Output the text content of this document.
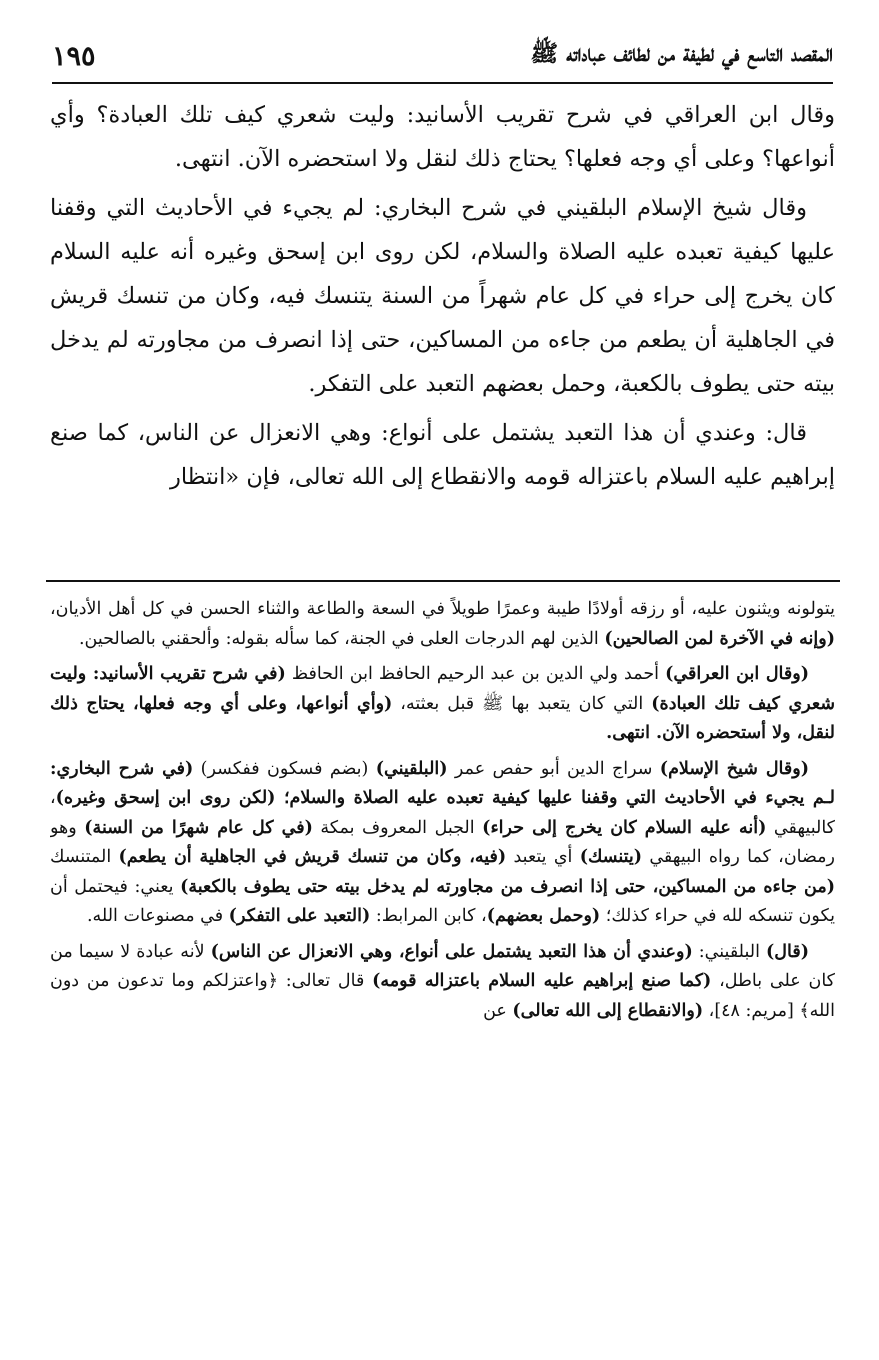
المقصد التاسع في لطيفة من لطائف عباداته ﷺ
١٩٥

وقال ابن العراقي في شرح تقريب الأسانيد: وليت شعري كيف تلك العبادة؟ وأي أنواعها؟ وعلى أي وجه فعلها؟ يحتاج ذلك لنقل ولا استحضره الآن. انتهى.

وقال شيخ الإسلام البلقيني في شرح البخاري: لم يجيء في الأحاديث التي وقفنا عليها كيفية تعبده عليه الصلاة والسلام، لكن روى ابن إسحق وغيره أنه عليه السلام كان يخرج إلى حراء في كل عام شهراً من السنة يتنسك فيه، وكان من تنسك قريش في الجاهلية أن يطعم من جاءه من المساكين، حتى إذا انصرف من مجاورته لم يدخل بيته حتى يطوف بالكعبة، وحمل بعضهم التعبد على التفكر.

قال: وعندي أن هذا التعبد يشتمل على أنواع: وهي الانعزال عن الناس، كما صنع إبراهيم عليه السلام باعتزاله قومه والانقطاع إلى الله تعالى، فإن «انتظار

يتولونه ويثنون عليه، أو رزقه أولادًا طيبة وعمرًا طويلاً في السعة والطاعة والثناء الحسن في كل أهل الأديان، (وإنه في الآخرة لمن الصالحين) الذين لهم الدرجات العلى في الجنة، كما سأله بقوله: وألحقني بالصالحين.

(وقال ابن العراقي) أحمد ولي الدين بن عبد الرحيم الحافظ ابن الحافظ (في شرح تقريب الأسانيد: وليت شعري كيف تلك العبادة) التي كان يتعبد بها ﷺ قبل بعثته، (وأي أنواعها، وعلى أي وجه فعلها، يحتاج ذلك لنقل، ولا أستحضره الآن. انتهى.

(وقال شيخ الإسلام) سراج الدين أبو حفص عمر (البلقيني) (بضم فسكون ففكسر) (في شرح البخاري: لـم يجيء في الأحاديث التي وقفنا عليها كيفية تعبده عليه الصلاة والسلام؛ (لكن روى ابن إسحق وغيره)، كالبيهقي (أنه عليه السلام كان يخرج إلى حراء) الجبل المعروف بمكة (في كل عام شهرًا من السنة) وهو رمضان، كما رواه البيهقي (يتنسك) أي يتعبد (فيه، وكان من تنسك قريش في الجاهلية أن يطعم) المتنسك (من جاءه من المساكين، حتى إذا انصرف من مجاورته لم يدخل بيته حتى يطوف بالكعبة) يعني: فيحتمل أن يكون تنسكه لله في حراء كذلك؛ (وحمل بعضهم)، كابن المرابط: (التعبد على التفكر) في مصنوعات الله.

(قال) البلقيني: (وعندي أن هذا التعبد يشتمل على أنواع، وهي الانعزال عن الناس) لأنه عبادة لا سيما من كان على باطل، (كما صنع إبراهيم عليه السلام باعتزاله قومه) قال تعالى: ﴿واعتزلكم وما تدعون من دون الله﴾ [مريم: ٤٨]، (والانقطاع إلى الله تعالى) عن
